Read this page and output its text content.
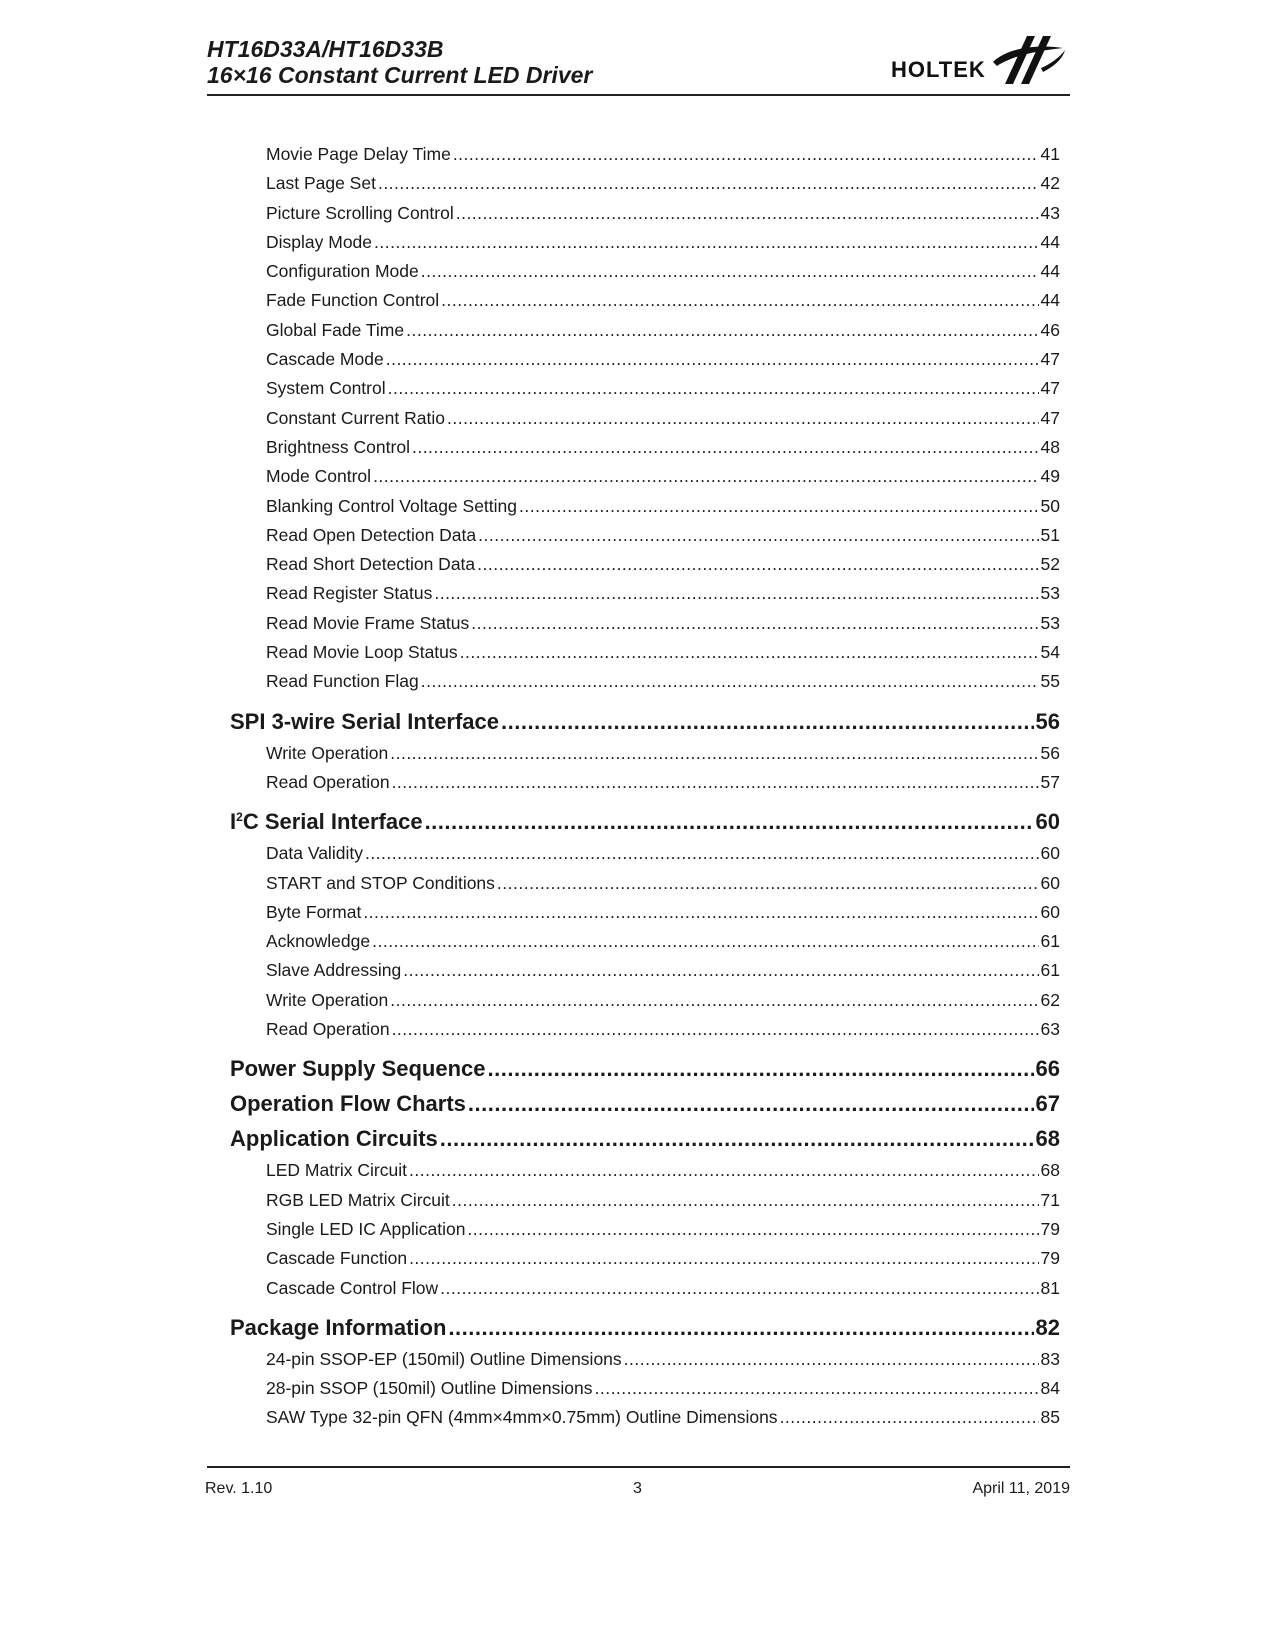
HT16D33A/HT16D33B
16×16 Constant Current LED Driver	HOLTEK
Movie Page Delay Time .....	41
Last Page Set .....	42
Picture Scrolling Control .....	43
Display Mode .....	44
Configuration Mode .....	44
Fade Function Control .....	44
Global Fade Time .....	46
Cascade Mode .....	47
System Control .....	47
Constant Current Ratio .....	47
Brightness Control .....	48
Mode Control .....	49
Blanking Control Voltage Setting .....	50
Read Open Detection Data .....	51
Read Short Detection Data .....	52
Read Register Status .....	53
Read Movie Frame Status .....	53
Read Movie Loop Status .....	54
Read Function Flag .....	55
SPI 3-wire Serial Interface .....	56
Write Operation .....	56
Read Operation .....	57
$I^2C$ Serial Interface .....	60
Data Validity .....	60
START and STOP Conditions .....	60
Byte Format .....	60
Acknowledge .....	61
Slave Addressing .....	61
Write Operation .....	62
Read Operation .....	63
Power Supply Sequence .....	66
Operation Flow Charts .....	67
Application Circuits .....	68
LED Matrix Circuit .....	68
RGB LED Matrix Circuit .....	71
Single LED IC Application .....	79
Cascade Function .....	79
Cascade Control Flow .....	81
Package Information .....	82
24-pin SSOP-EP (150mil) Outline Dimensions .....	83
28-pin SSOP (150mil) Outline Dimensions .....	84
SAW Type 32-pin QFN (4mm×4mm×0.75mm) Outline Dimensions .....	85
Rev. 1.10	3	April 11, 2019
